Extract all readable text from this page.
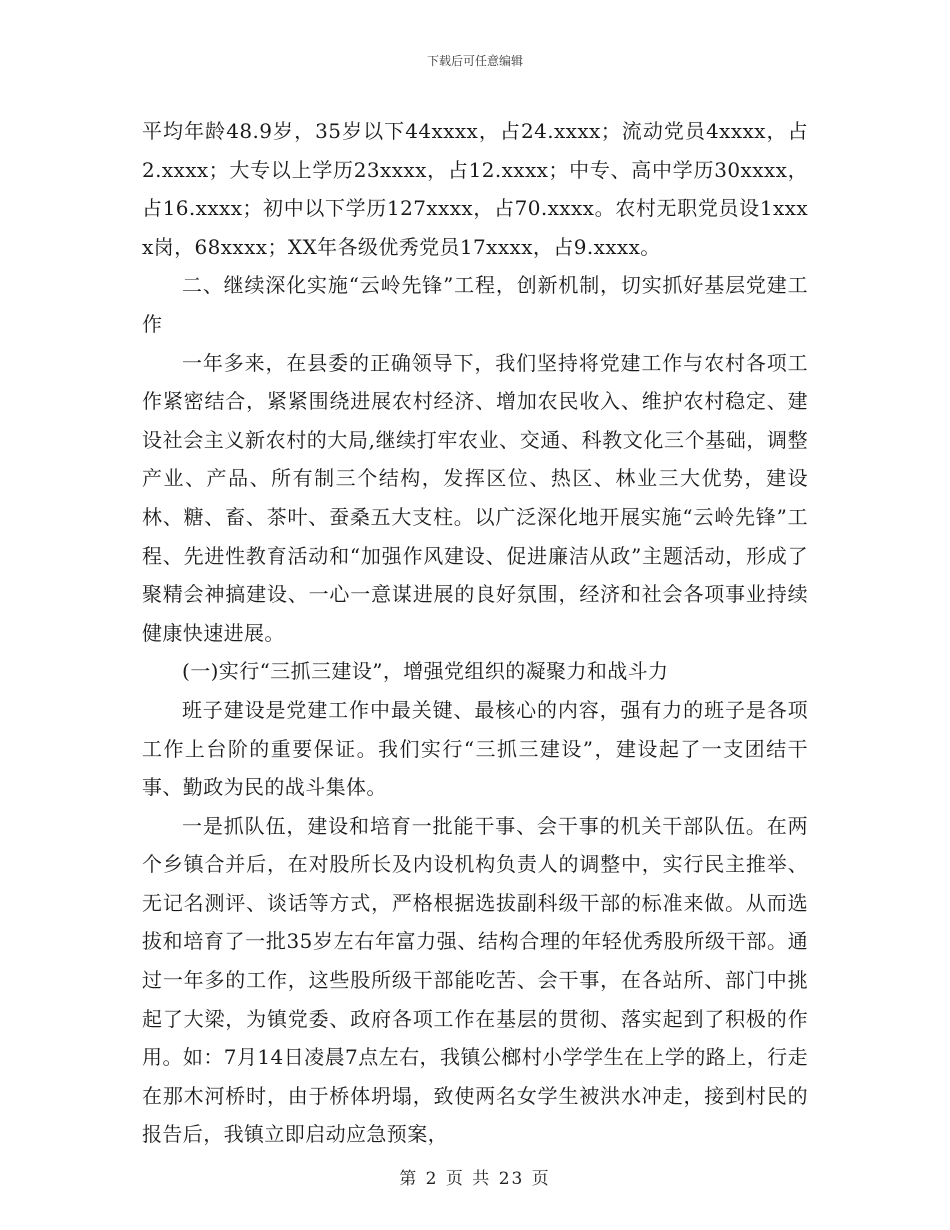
下载后可任意编辑

平均年龄48.9岁，35岁以下44xxxx，占24.xxxx；流动党员4xxxx，占2.xxxx；大专以上学历23xxxx，占12.xxxx；中专、高中学历30xxxx，占16.xxxx；初中以下学历127xxxx，占70.xxxx。农村无职党员设1xxxx岗，68xxxx；XX年各级优秀党员17xxxx，占9.xxxx。

二、继续深化实施“云岭先锋”工程，创新机制，切实抓好基层党建工作

一年多来，在县委的正确领导下，我们坚持将党建工作与农村各项工作紧密结合，紧紧围绕进展农村经济、增加农民收入、维护农村稳定、建设社会主义新农村的大局,继续打牢农业、交通、科教文化三个基础，调整产业、产品、所有制三个结构，发挥区位、热区、林业三大优势，建设林、糖、畜、茶叶、蚕桑五大支柱。以广泛深化地开展实施“云岭先锋”工程、先进性教育活动和“加强作风建设、促进廉洁从政”主题活动，形成了聚精会神搞建设、一心一意谋进展的良好氛围，经济和社会各项事业持续健康快速进展。

(一)实行“三抓三建设”，增强党组织的凝聚力和战斗力

班子建设是党建工作中最关键、最核心的内容，强有力的班子是各项工作上台阶的重要保证。我们实行“三抓三建设”，建设起了一支团结干事、勤政为民的战斗集体。

一是抓队伍，建设和培育一批能干事、会干事的机关干部队伍。在两个乡镇合并后，在对股所长及内设机构负责人的调整中，实行民主推举、无记名测评、谈话等方式，严格根据选拔副科级干部的标准来做。从而选拔和培育了一批35岁左右年富力强、结构合理的年轻优秀股所级干部。通过一年多的工作，这些股所级干部能吃苦、会干事，在各站所、部门中挑起了大梁，为镇党委、政府各项工作在基层的贯彻、落实起到了积极的作用。如：7月14日凌晨7点左右，我镇公榔村小学学生在上学的路上，行走在那木河桥时，由于桥体坍塌，致使两名女学生被洪水冲走，接到村民的报告后，我镇立即启动应急预案，

第 2 页 共 23 页
